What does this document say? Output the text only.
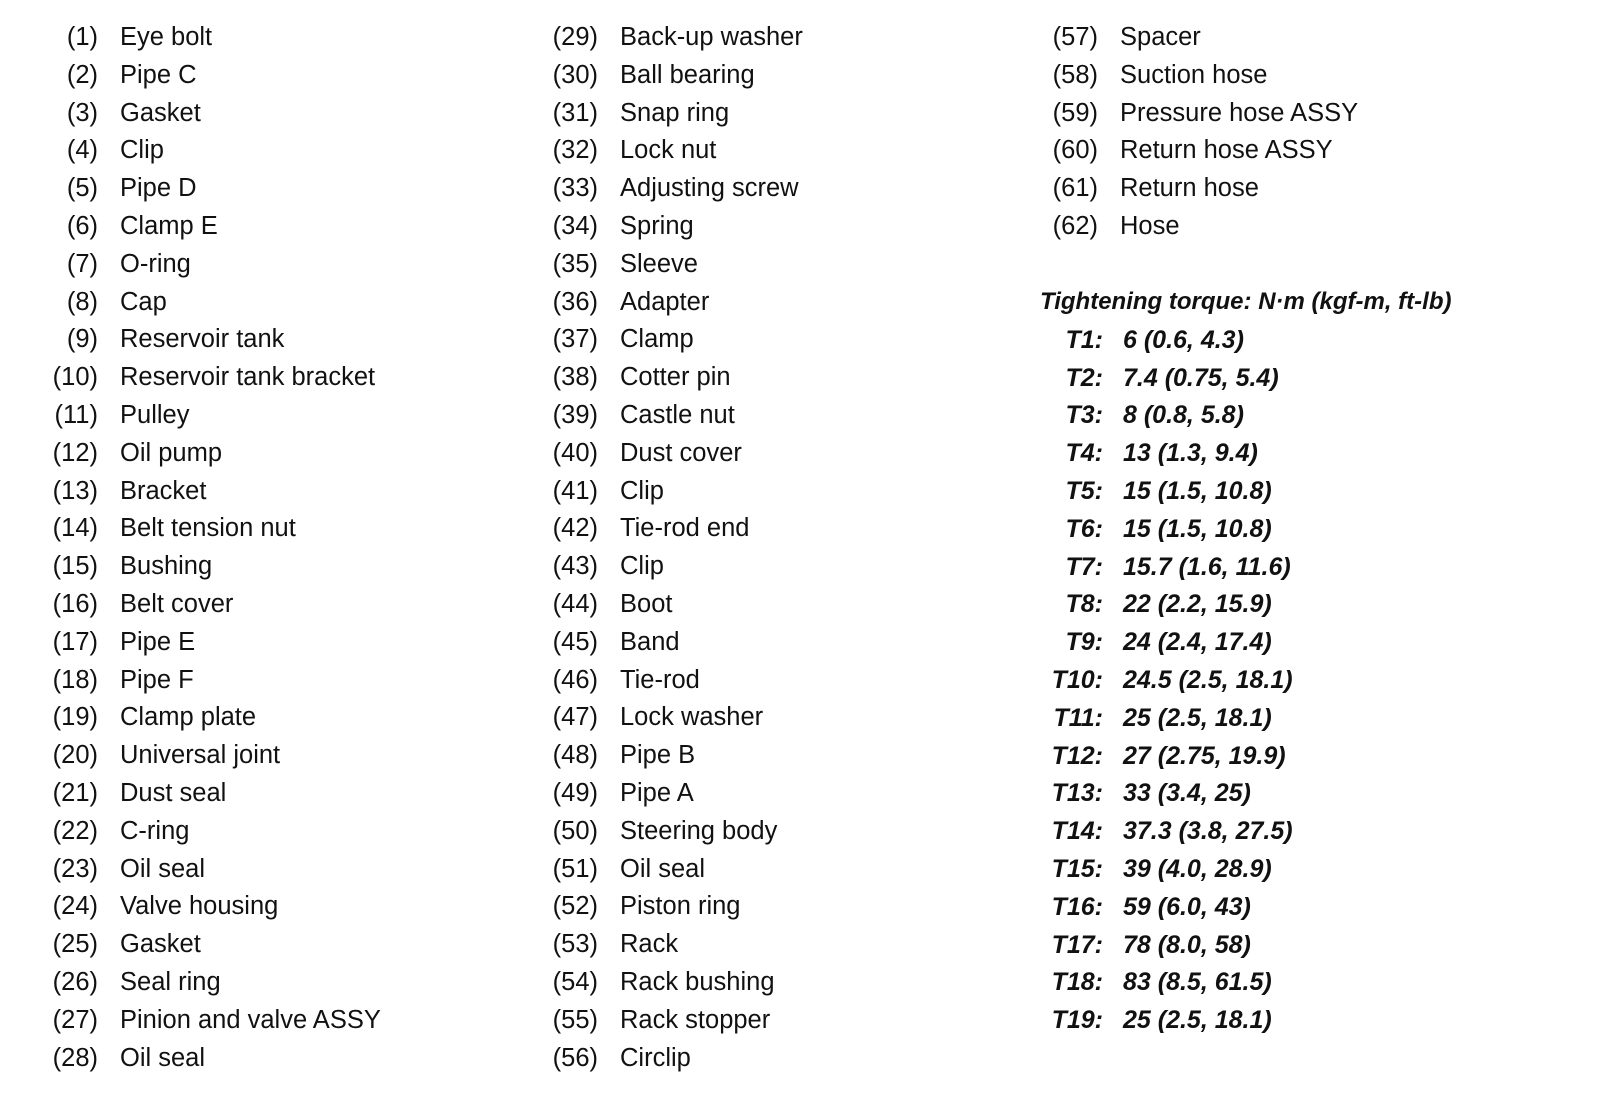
(1) Eye bolt
(2) Pipe C
(3) Gasket
(4) Clip
(5) Pipe D
(6) Clamp E
(7) O-ring
(8) Cap
(9) Reservoir tank
(10) Reservoir tank bracket
(11) Pulley
(12) Oil pump
(13) Bracket
(14) Belt tension nut
(15) Bushing
(16) Belt cover
(17) Pipe E
(18) Pipe F
(19) Clamp plate
(20) Universal joint
(21) Dust seal
(22) C-ring
(23) Oil seal
(24) Valve housing
(25) Gasket
(26) Seal ring
(27) Pinion and valve ASSY
(28) Oil seal
(29) Back-up washer
(30) Ball bearing
(31) Snap ring
(32) Lock nut
(33) Adjusting screw
(34) Spring
(35) Sleeve
(36) Adapter
(37) Clamp
(38) Cotter pin
(39) Castle nut
(40) Dust cover
(41) Clip
(42) Tie-rod end
(43) Clip
(44) Boot
(45) Band
(46) Tie-rod
(47) Lock washer
(48) Pipe B
(49) Pipe A
(50) Steering body
(51) Oil seal
(52) Piston ring
(53) Rack
(54) Rack bushing
(55) Rack stopper
(56) Circlip
(57) Spacer
(58) Suction hose
(59) Pressure hose ASSY
(60) Return hose ASSY
(61) Return hose
(62) Hose
Tightening torque: N·m (kgf-m, ft-lb)
T1: 6 (0.6, 4.3)
T2: 7.4 (0.75, 5.4)
T3: 8 (0.8, 5.8)
T4: 13 (1.3, 9.4)
T5: 15 (1.5, 10.8)
T6: 15 (1.5, 10.8)
T7: 15.7 (1.6, 11.6)
T8: 22 (2.2, 15.9)
T9: 24 (2.4, 17.4)
T10: 24.5 (2.5, 18.1)
T11: 25 (2.5, 18.1)
T12: 27 (2.75, 19.9)
T13: 33 (3.4, 25)
T14: 37.3 (3.8, 27.5)
T15: 39 (4.0, 28.9)
T16: 59 (6.0, 43)
T17: 78 (8.0, 58)
T18: 83 (8.5, 61.5)
T19: 25 (2.5, 18.1)
